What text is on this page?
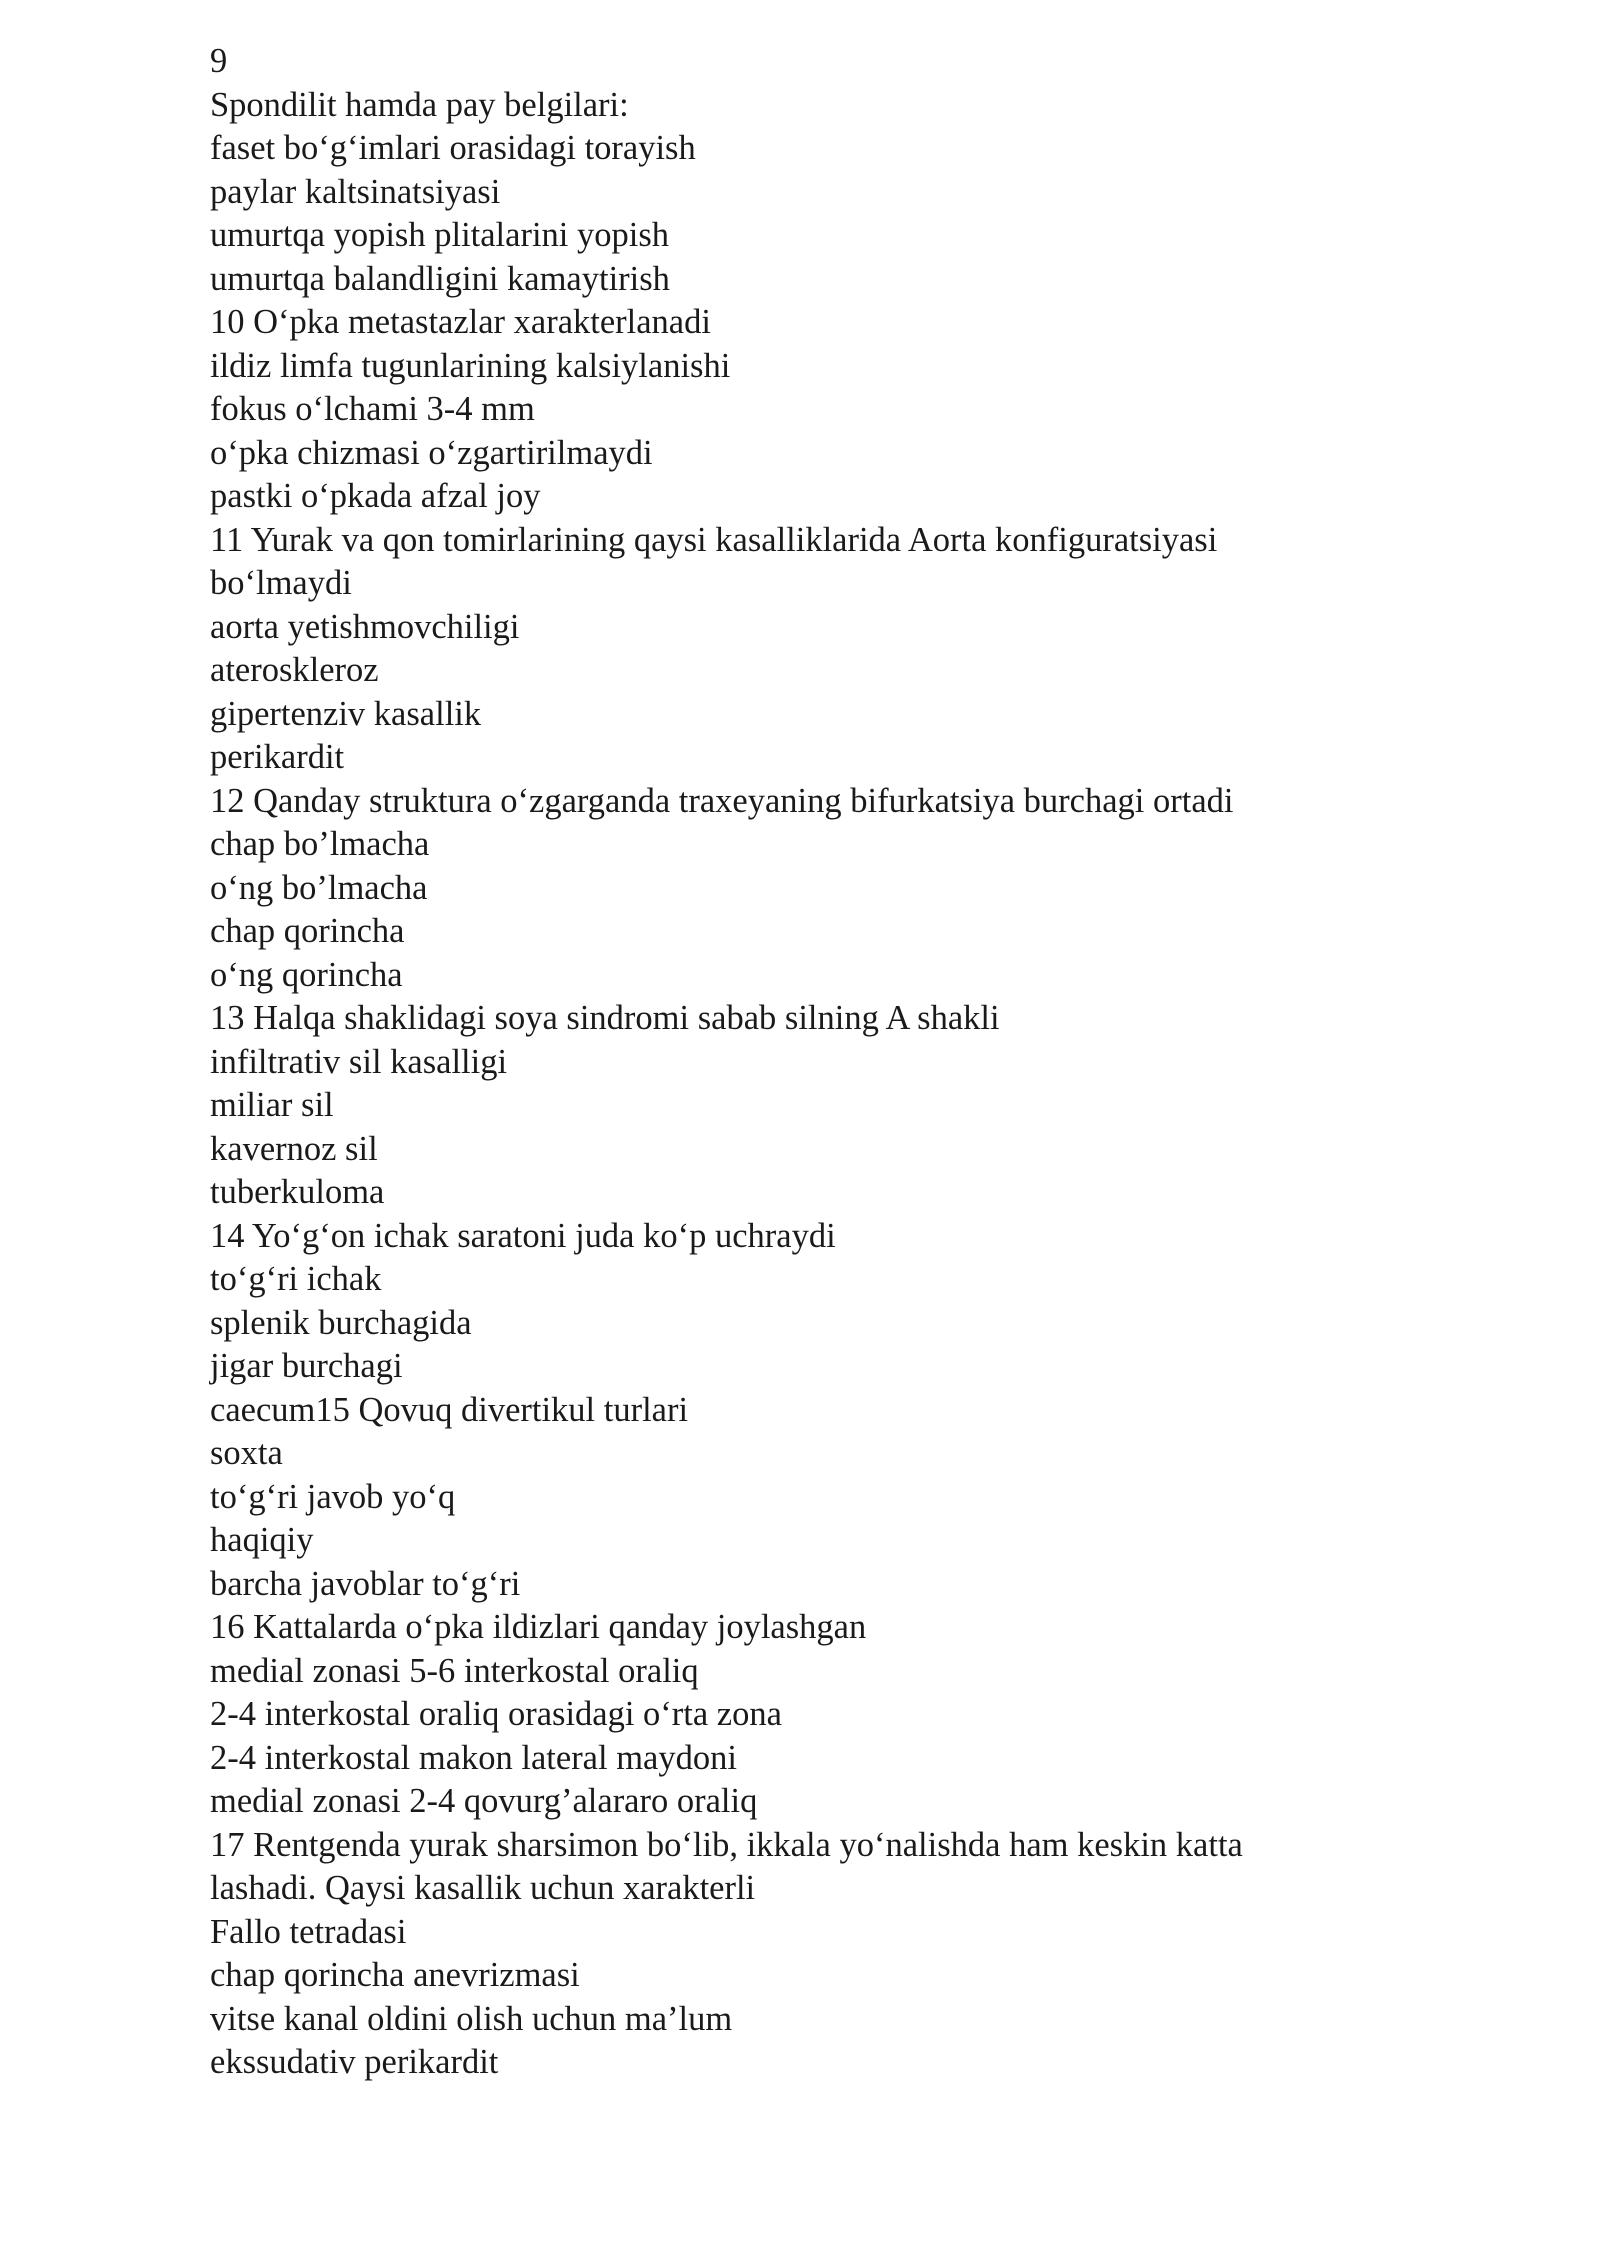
9
Spondilit hamda pay belgilari:
faset bo‘g‘imlari orasidagi torayish
paylar kaltsinatsiyasi
umurtqa yopish plitalarini yopish
umurtqa balandligini kamaytirish
10 O‘pka metastazlar xarakterlanadi
ildiz limfa tugunlarining kalsiylanishi
fokus o‘lchami 3-4 mm
o‘pka chizmasi o‘zgartirilmaydi
pastki o‘pkada afzal joy
11 Yurak va qon tomirlarining qaysi kasalliklarida Aorta konfiguratsiyasi
bo‘lmaydi
aorta yetishmovchiligi
ateroskleroz
gipertenziv kasallik
perikardit
12 Qanday struktura o‘zgarganda traxeyaning bifurkatsiya burchagi ortadi
chap bo’lmacha
o‘ng bo’lmacha
chap qorincha
o‘ng qorincha
13 Halqa shaklidagi soya sindromi sabab silning A shakli
infiltrativ sil kasalligi
miliar sil
kavernoz sil
tuberkuloma
14 Yo‘g‘on ichak saratoni juda ko‘p uchraydi
to‘g‘ri ichak
splenik burchagida
jigar burchagi
caecum15 Qovuq divertikul turlari
soxta
to‘g‘ri javob yo‘q
haqiqiy
barcha javoblar to‘g‘ri
16 Kattalarda o‘pka ildizlari qanday joylashgan
medial zonasi 5-6 interkostal oraliq
2-4 interkostal oraliq orasidagi o‘rta zona
2-4 interkostal makon lateral maydoni
medial zonasi 2-4 qovurg’alararo oraliq
17 Rentgenda yurak sharsimon bo‘lib, ikkala yo‘nalishda ham keskin katta
lashadi. Qaysi kasallik uchun xarakterli
Fallo tetradasi
chap qorincha anevrizmasi
vitse kanal oldini olish uchun ma’lum
ekssudativ perikardit
